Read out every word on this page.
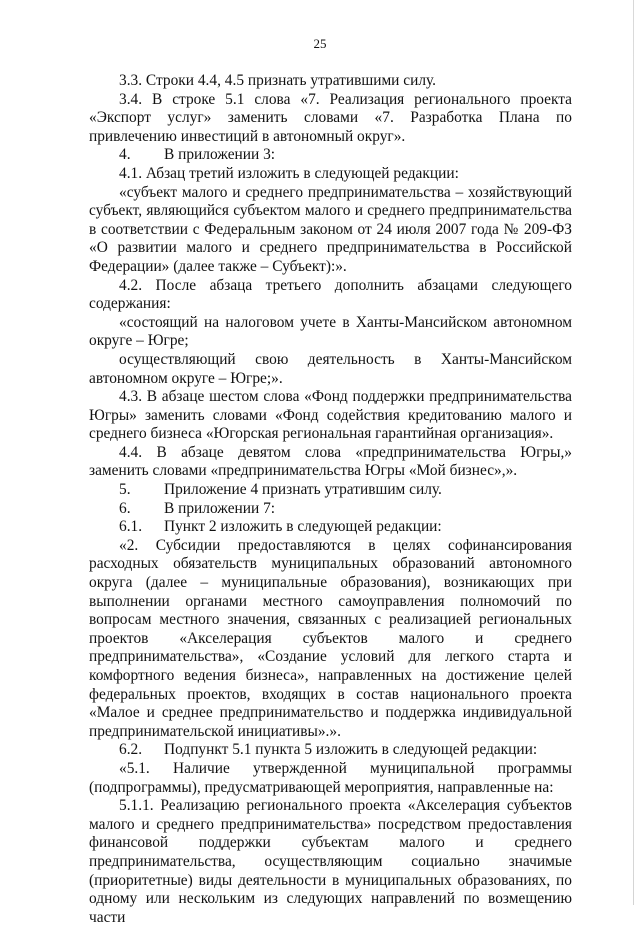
25

3.3. Строки 4.4, 4.5 признать утратившими силу.

3.4. В строке 5.1 слова «7. Реализация регионального проекта «Экспорт услуг» заменить словами «7. Разработка Плана по привлечению инвестиций в автономный округ».

4.	В приложении 3:

4.1. Абзац третий изложить в следующей редакции:

«субъект малого и среднего предпринимательства – хозяйствующий субъект, являющийся субъектом малого и среднего предпринимательства в соответствии с Федеральным законом от 24 июля 2007 года № 209-ФЗ «О развитии малого и среднего предпринимательства в Российской Федерации» (далее также – Субъект):».

4.2. После абзаца третьего дополнить абзацами следующего содержания:

«состоящий на налоговом учете в Ханты-Мансийском автономном округе – Югре;

осуществляющий свою деятельность в Ханты-Мансийском автономном округе – Югре;».

4.3. В абзаце шестом слова «Фонд поддержки предпринимательства Югры» заменить словами «Фонд содействия кредитованию малого и среднего бизнеса «Югорская региональная гарантийная организация».

4.4. В абзаце девятом слова «предпринимательства Югры,» заменить словами «предпринимательства Югры «Мой бизнес»,».

5.	Приложение 4 признать утратившим силу.

6.	В приложении 7:

6.1.	Пункт 2 изложить в следующей редакции:

«2. Субсидии предоставляются в целях софинансирования расходных обязательств муниципальных образований автономного округа (далее – муниципальные образования), возникающих при выполнении органами местного самоуправления полномочий по вопросам местного значения, связанных с реализацией региональных проектов «Акселерация субъектов малого и среднего предпринимательства», «Создание условий для легкого старта и комфортного ведения бизнеса», направленных на достижение целей федеральных проектов, входящих в состав национального проекта «Малое и среднее предпринимательство и поддержка индивидуальной предпринимательской инициативы».».

6.2.	Подпункт 5.1 пункта 5 изложить в следующей редакции:

«5.1. Наличие утвержденной муниципальной программы (подпрограммы), предусматривающей мероприятия, направленные на:

5.1.1. Реализацию регионального проекта «Акселерация субъектов малого и среднего предпринимательства» посредством предоставления финансовой поддержки субъектам малого и среднего предпринимательства, осуществляющим социально значимые (приоритетные) виды деятельности в муниципальных образованиях, по одному или нескольким из следующих направлений по возмещению части
